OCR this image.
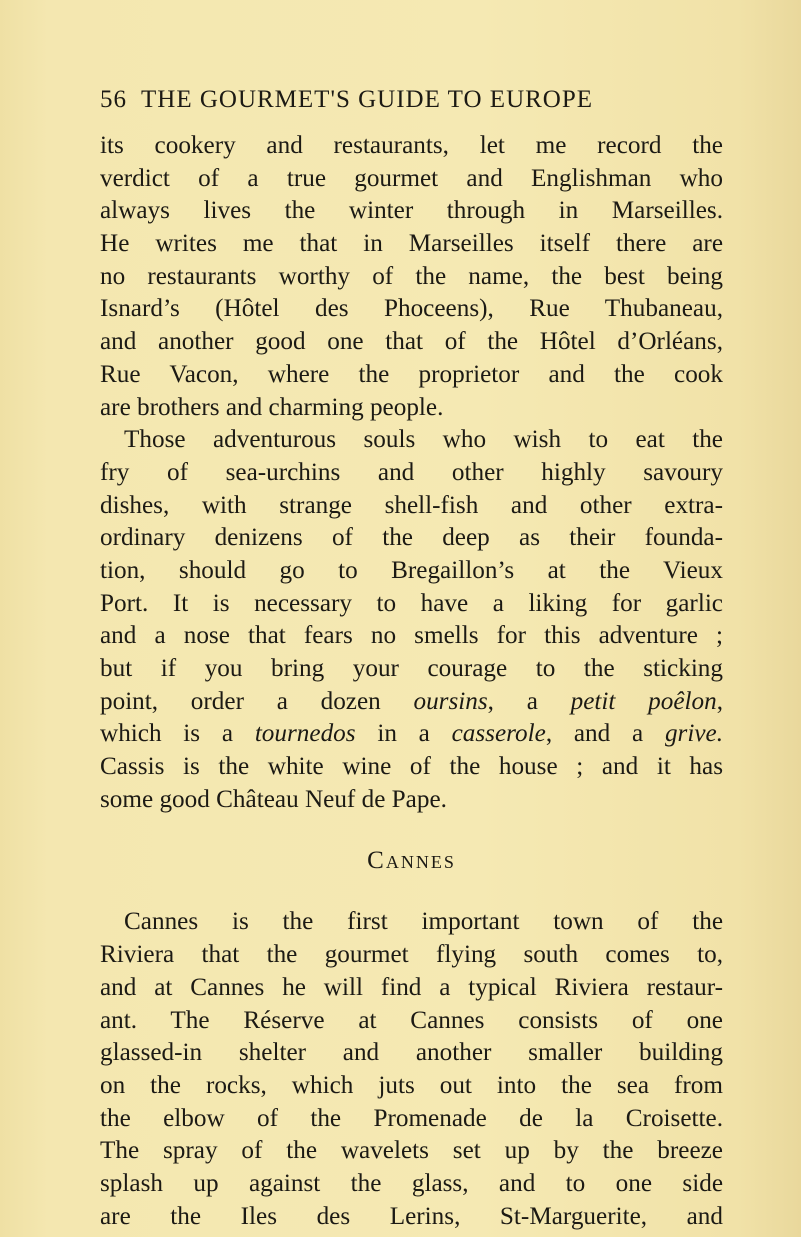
56 THE GOURMET'S GUIDE TO EUROPE
its cookery and restaurants, let me record the
verdict of a true gourmet and Englishman who
always lives the winter through in Marseilles.
He writes me that in Marseilles itself there are
no restaurants worthy of the name, the best being
Isnard’s (Hôtel des Phoceens), Rue Thubaneau,
and another good one that of the Hôtel d’Orléans,
Rue Vacon, where the proprietor and the cook
are brothers and charming people.
Those adventurous souls who wish to eat the
fry of sea-urchins and other highly savoury
dishes, with strange shell-fish and other extra-
ordinary denizens of the deep as their founda-
tion, should go to Bregaillon’s at the Vieux
Port. It is necessary to have a liking for garlic
and a nose that fears no smells for this adventure ;
but if you bring your courage to the sticking
point, order a dozen oursins, a petit poêlon,
which is a tournedos in a casserole, and a grive.
Cassis is the white wine of the house ; and it has
some good Château Neuf de Pape.
Cannes
Cannes is the first important town of the
Riviera that the gourmet flying south comes to,
and at Cannes he will find a typical Riviera restaur-
ant. The Réserve at Cannes consists of one
glassed-in shelter and another smaller building
on the rocks, which juts out into the sea from
the elbow of the Promenade de la Croisette.
The spray of the wavelets set up by the breeze
splash up against the glass, and to one side
are the Iles des Lerins, St-Marguerite, and
